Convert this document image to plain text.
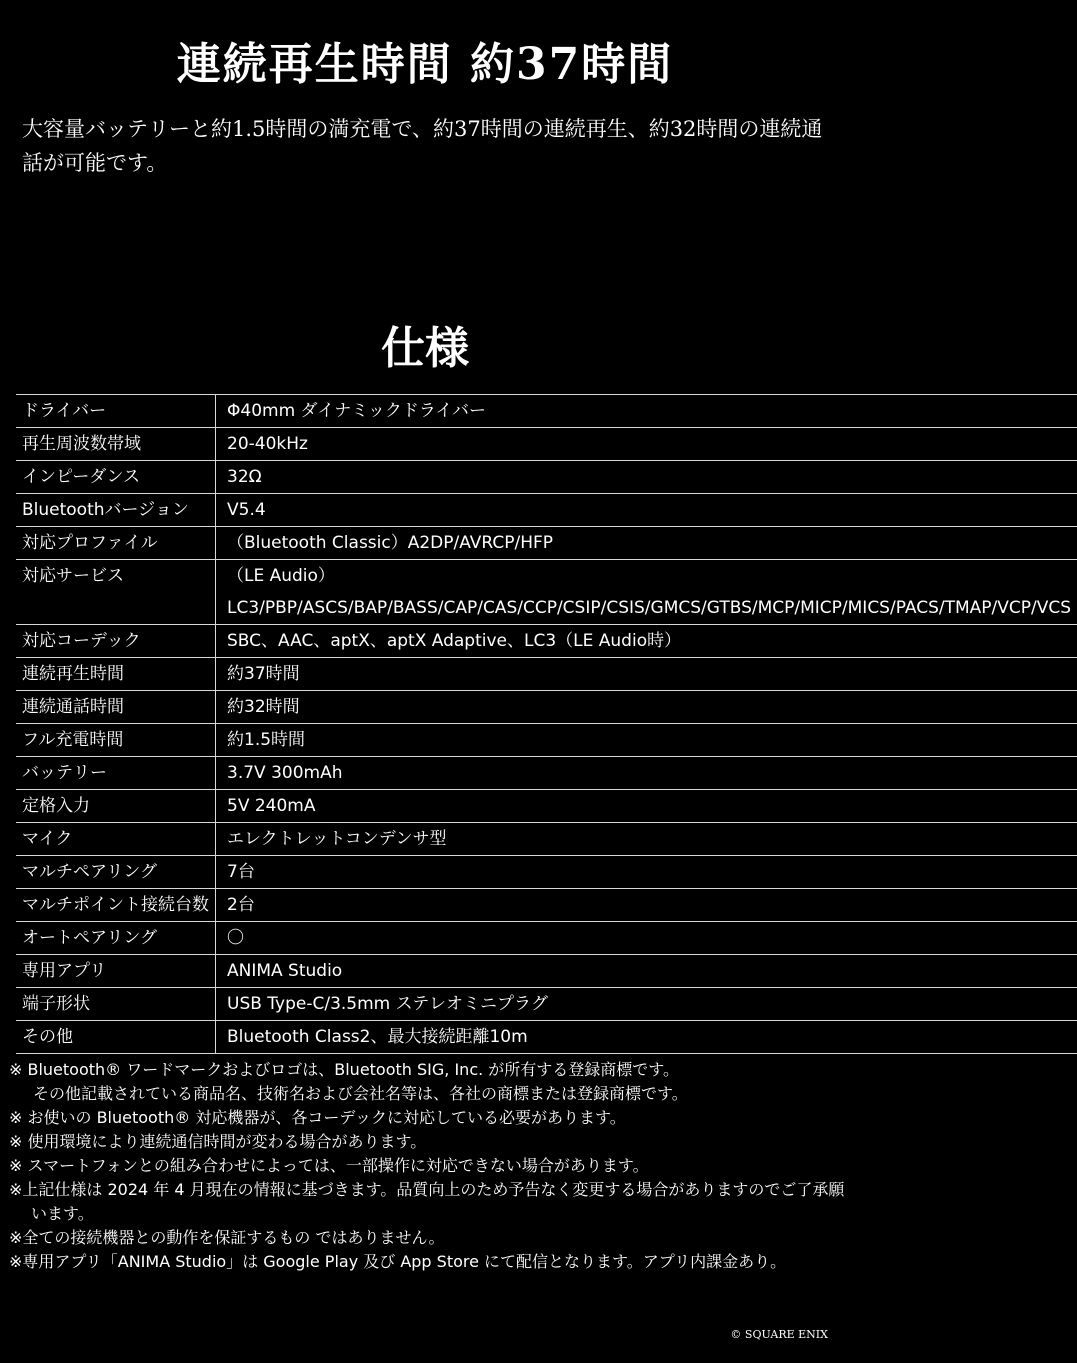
連続再生時間 約37時間

大容量バッテリーと約1.5時間の満充電で、約37時間の連続再生、約32時間の連続通話が可能です。

仕様
ドライバー	Φ40mm ダイナミックドライバー
再生周波数帯域	20-40kHz
インピーダンス	32Ω
Bluetoothバージョン	V5.4
対応プロファイル	（Bluetooth Classic）A2DP/AVRCP/HFP
対応サービス	（LE Audio）LC3/PBP/ASCS/BAP/BASS/CAP/CAS/CCP/CSIP/CSIS/GMCS/GTBS/MCP/MICP/MICS/PACS/TMAP/VCP/VCS
対応コーデック	SBC、AAC、aptX、aptX Adaptive、LC3（LE Audio時）
連続再生時間	約37時間
連続通話時間	約32時間
フル充電時間	約1.5時間
バッテリー	3.7V 300mAh
定格入力	5V 240mA
マイク	エレクトレットコンデンサ型
マルチペアリング	7台
マルチポイント接続台数	2台
オートペアリング	〇
専用アプリ	ANIMA Studio
端子形状	USB Type-C/3.5mm ステレオミニプラグ
その他	Bluetooth Class2、最大接続距離10m
※ Bluetooth® ワードマークおよびロゴは、Bluetooth SIG, Inc. が所有する登録商標です。
その他記載されている商品名、技術名および会社名等は、各社の商標または登録商標です。
※ お使いの Bluetooth® 対応機器が、各コーデックに対応している必要があります。
※ 使用環境により連続通信時間が変わる場合があります。
※ スマートフォンとの組み合わせによっては、一部操作に対応できない場合があります。
※上記仕様は 2024 年 4 月現在の情報に基づきます。品質向上のため予告なく変更する場合がありますのでご了承願います。
※全ての接続機器との動作を保証するもの ではありません。
※専用アプリ「ANIMA Studio」は Google Play 及び App Store にて配信となります。アプリ内課金あり。
© SQUARE ENIX
